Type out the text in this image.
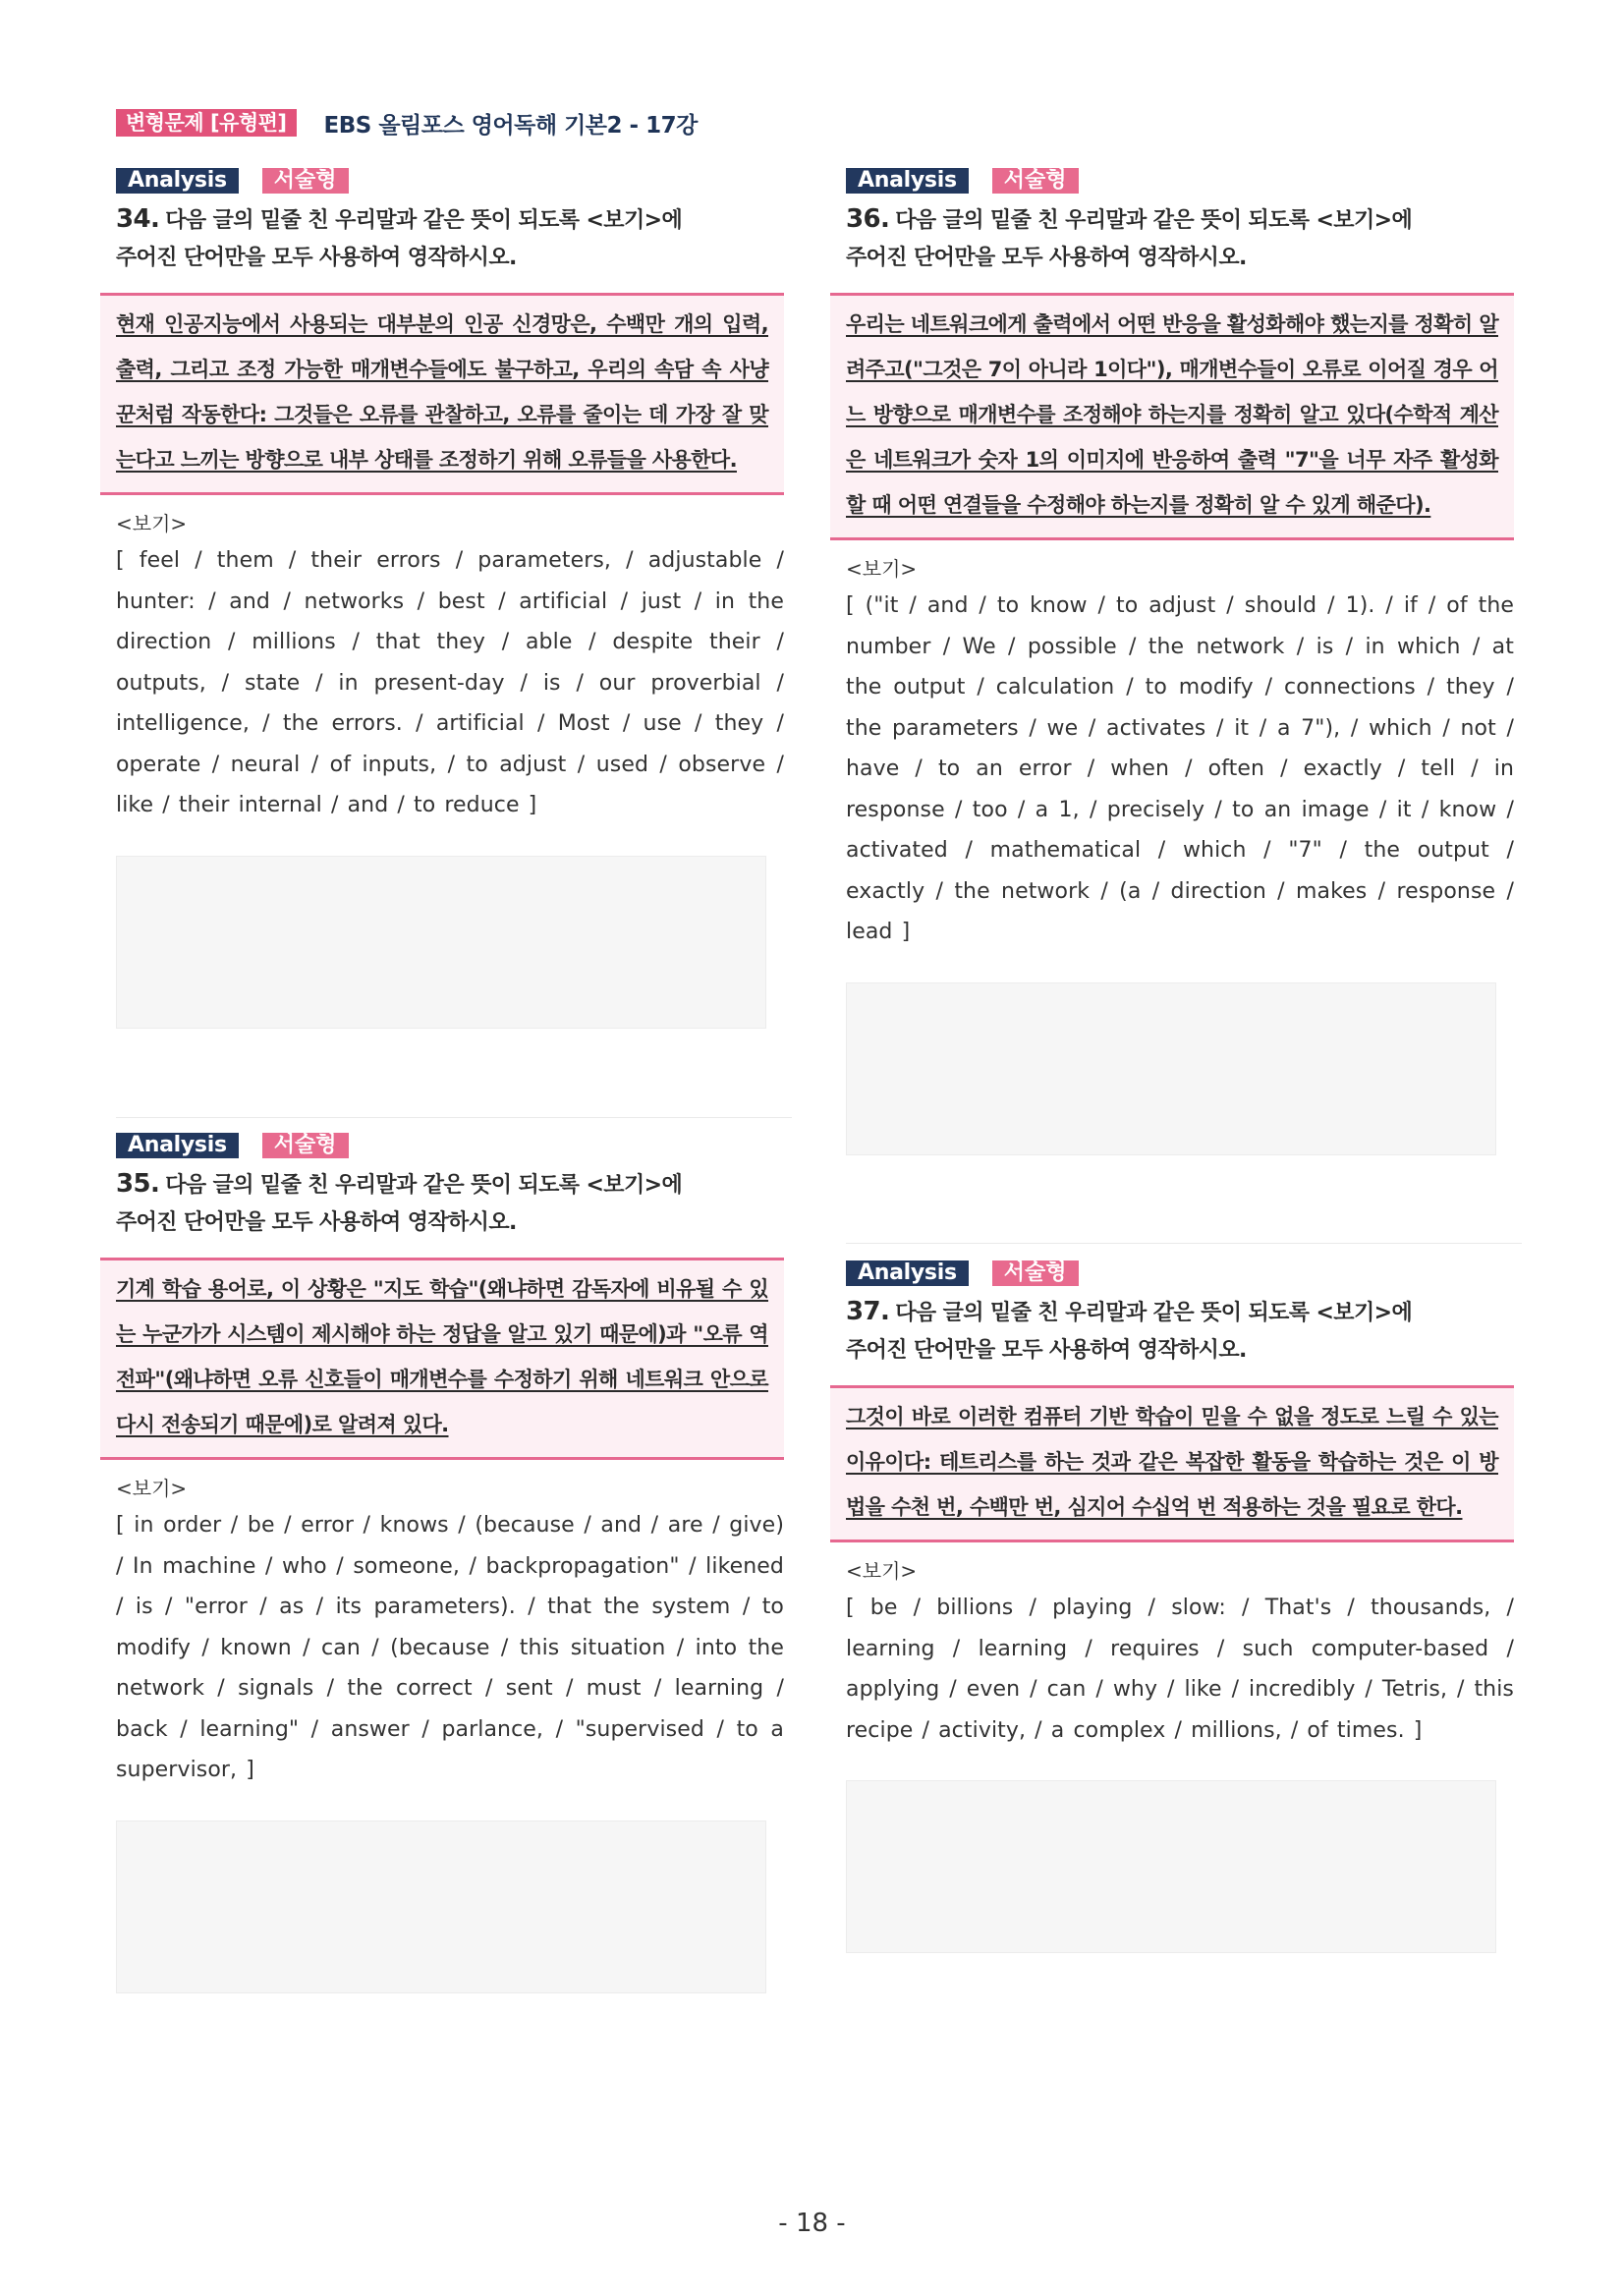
변형문제 [유형편]	EBS 올림포스 영어독해 기본2 - 17강
Analysis	서술형
34. 다음 글의 밑줄 친 우리말과 같은 뜻이 되도록 <보기>에
주어진 단어만을 모두 사용하여 영작하시오.
현재 인공지능에서 사용되는 대부분의 인공 신경망은, 수백만 개의 입력, 출력, 그리고 조정 가능한 매개변수들에도 불구하고, 우리의 속담 속 사냥꾼처럼 작동한다: 그것들은 오류를 관찰하고, 오류를 줄이는 데 가장 잘 맞는다고 느끼는 방향으로 내부 상태를 조정하기 위해 오류들을 사용한다.
<보기>
[ feel / them / their errors / parameters, / adjustable / hunter: / and / networks / best / artificial / just / in the direction / millions / that they / able / despite their / outputs, / state / in present-day / is / our proverbial / intelligence, / the errors. / artificial / Most / use / they / operate / neural / of inputs, / to adjust / used / observe / like / their internal / and / to reduce ]
Analysis	서술형
35. 다음 글의 밑줄 친 우리말과 같은 뜻이 되도록 <보기>에
주어진 단어만을 모두 사용하여 영작하시오.
기계 학습 용어로, 이 상황은 "지도 학습"(왜냐하면 감독자에 비유될 수 있는 누군가가 시스템이 제시해야 하는 정답을 알고 있기 때문에)과 "오류 역전파"(왜냐하면 오류 신호들이 매개변수를 수정하기 위해 네트워크 안으로 다시 전송되기 때문에)로 알려져 있다.
<보기>
[ in order / be / error / knows / (because / and / are / give) / In machine / who / someone, / backpropagation" / likened / is / "error / as / its parameters). / that the system / to modify / known / can / (because / this situation / into the network / signals / the correct / sent / must / learning / back / learning" / answer / parlance, / "supervised / to a supervisor, ]
Analysis	서술형
36. 다음 글의 밑줄 친 우리말과 같은 뜻이 되도록 <보기>에
주어진 단어만을 모두 사용하여 영작하시오.
우리는 네트워크에게 출력에서 어떤 반응을 활성화해야 했는지를 정확히 알려주고("그것은 7이 아니라 1이다"), 매개변수들이 오류로 이어질 경우 어느 방향으로 매개변수를 조정해야 하는지를 정확히 알고 있다(수학적 계산은 네트워크가 숫자 1의 이미지에 반응하여 출력 "7"을 너무 자주 활성화할 때 어떤 연결들을 수정해야 하는지를 정확히 알 수 있게 해준다).
<보기>
[ ("it / and / to know / to adjust / should / 1). / if / of the number / We / possible / the network / is / in which / at the output / calculation / to modify / connections / they / the parameters / we / activates / it / a 7"), / which / not / have / to an error / when / often / exactly / tell / in response / too / a 1, / precisely / to an image / it / know / activated / mathematical / which / "7" / the output / exactly / the network / (a / direction / makes / response / lead ]
Analysis	서술형
37. 다음 글의 밑줄 친 우리말과 같은 뜻이 되도록 <보기>에
주어진 단어만을 모두 사용하여 영작하시오.
그것이 바로 이러한 컴퓨터 기반 학습이 믿을 수 없을 정도로 느릴 수 있는 이유이다: 테트리스를 하는 것과 같은 복잡한 활동을 학습하는 것은 이 방법을 수천 번, 수백만 번, 심지어 수십억 번 적용하는 것을 필요로 한다.
<보기>
[ be / billions / playing / slow: / That's / thousands, / learning / learning / requires / such computer-based / applying / even / can / why / like / incredibly / Tetris, / this recipe / activity, / a complex / millions, / of times. ]
- 18 -
